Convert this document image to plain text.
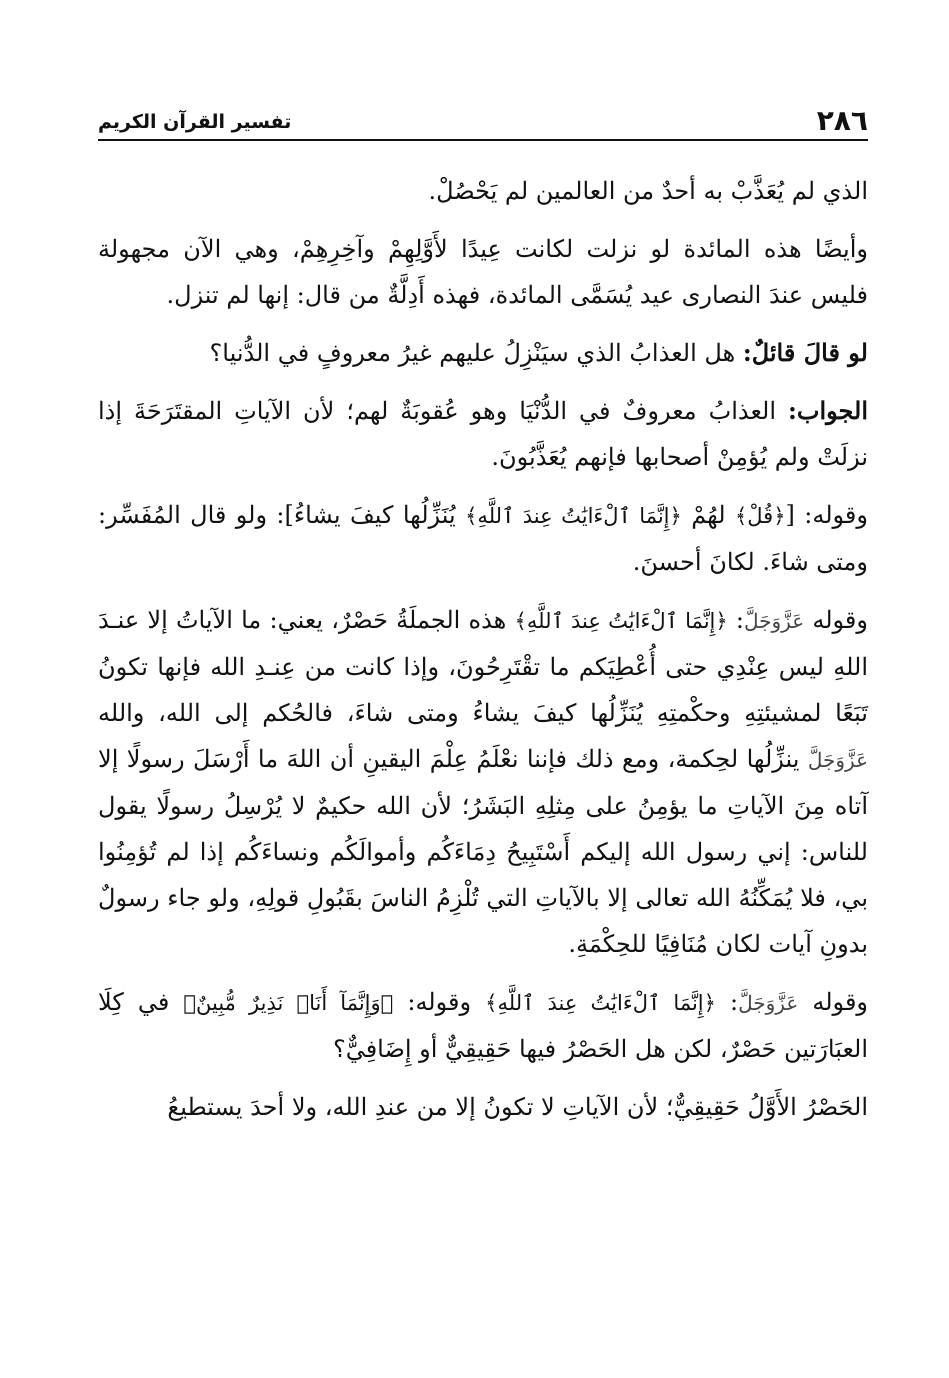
٢٨٦
تفسير القرآن الكريم

الذي لم يُعَذَّبْ به أحدٌ من العالمين لم يَحْصُلْ.

وأيضًا هذه المائدة لو نزلت لكانت عِيدًا لأَوَّلِهِمْ وآخِرِهِمْ، وهي الآن مجهولة فليس عندَ النصارى عيد يُسَمَّى المائدة، فهذه أَدِلَّةٌ من قال: إنها لم تنزل.

لو قالَ قائلٌ: هل العذابُ الذي سيَنْزِلُ عليهم غيرُ معروفٍ في الدُّنيا؟

الجواب: العذابُ معروفٌ في الدُّنْيَا وهو عُقوبَةٌ لهم؛ لأن الآياتِ المقتَرَحَةَ إذا نزلَتْ ولم يُؤمِنْ أصحابها فإنهم يُعَذَّبُونَ.

وقوله: [﴿قُلْ﴾ لهُمْ ﴿إِنَّمَا ٱلْءَايَٰتُ عِندَ ٱللَّهِ﴾ يُنَزِّلُها كيفَ يشاءُ]: ولو قال المُفَسِّر: ومتى شاءَ. لكانَ أحسنَ.

وقوله عَزَّوَجَلَّ: ﴿إِنَّمَا ٱلْءَايَٰتُ عِندَ ٱللَّهِ﴾ هذه الجملَةُ حَصْرٌ، يعني: ما الآياتُ إلا عنـدَ اللهِ ليس عِنْدِي حتى أُعْطِيَكم ما تقْتَرِحُونَ، وإذا كانت من عِنـدِ الله فإنها تكونُ تَبَعًا لمشيئتِهِ وحكْمتِهِ يُنَزِّلُها كيفَ يشاءُ ومتى شاءَ، فالحُكم إلى الله، والله عَزَّوَجَلَّ ينزِّلُها لحِكمة، ومع ذلك فإننا نعْلَمُ عِلْمَ اليقينِ أن اللهَ ما أَرْسَلَ رسولًا إلا آتاه مِنَ الآياتِ ما يؤمِنُ على مِثلِهِ البَشَرُ؛ لأن الله حكيمٌ لا يُرْسِلُ رسولًا يقول للناس: إني رسول الله إليكم أَسْتَبِيحُ دِمَاءَكُم وأموالَكُم ونساءَكُم إذا لم تُؤمِنُوا بي، فلا يُمَكِّنُهُ الله تعالى إلا بالآياتِ التي تُلْزِمُ الناسَ بقَبُولِ قولِهِ، ولو جاء رسولٌ بدونِ آيات لكان مُنَافِيًا للحِكْمَةِ.

وقوله عَزَّوَجَلَّ: ﴿إِنَّمَا ٱلْءَايَٰتُ عِندَ ٱللَّهِ﴾ وقوله: ﴿وَإِنَّمَآ أَنَا۠ نَذِيرٌ مُّبِينٌ﴾ في كِلَا العبَارَتين حَصْرٌ، لكن هل الحَصْرُ فيها حَقِيقِيٌّ أو إِضَافِيٌّ؟

الحَصْرُ الأَوَّلُ حَقِيقِيٌّ؛ لأن الآياتِ لا تكونُ إلا من عندِ الله، ولا أحدَ يستطيعُ
